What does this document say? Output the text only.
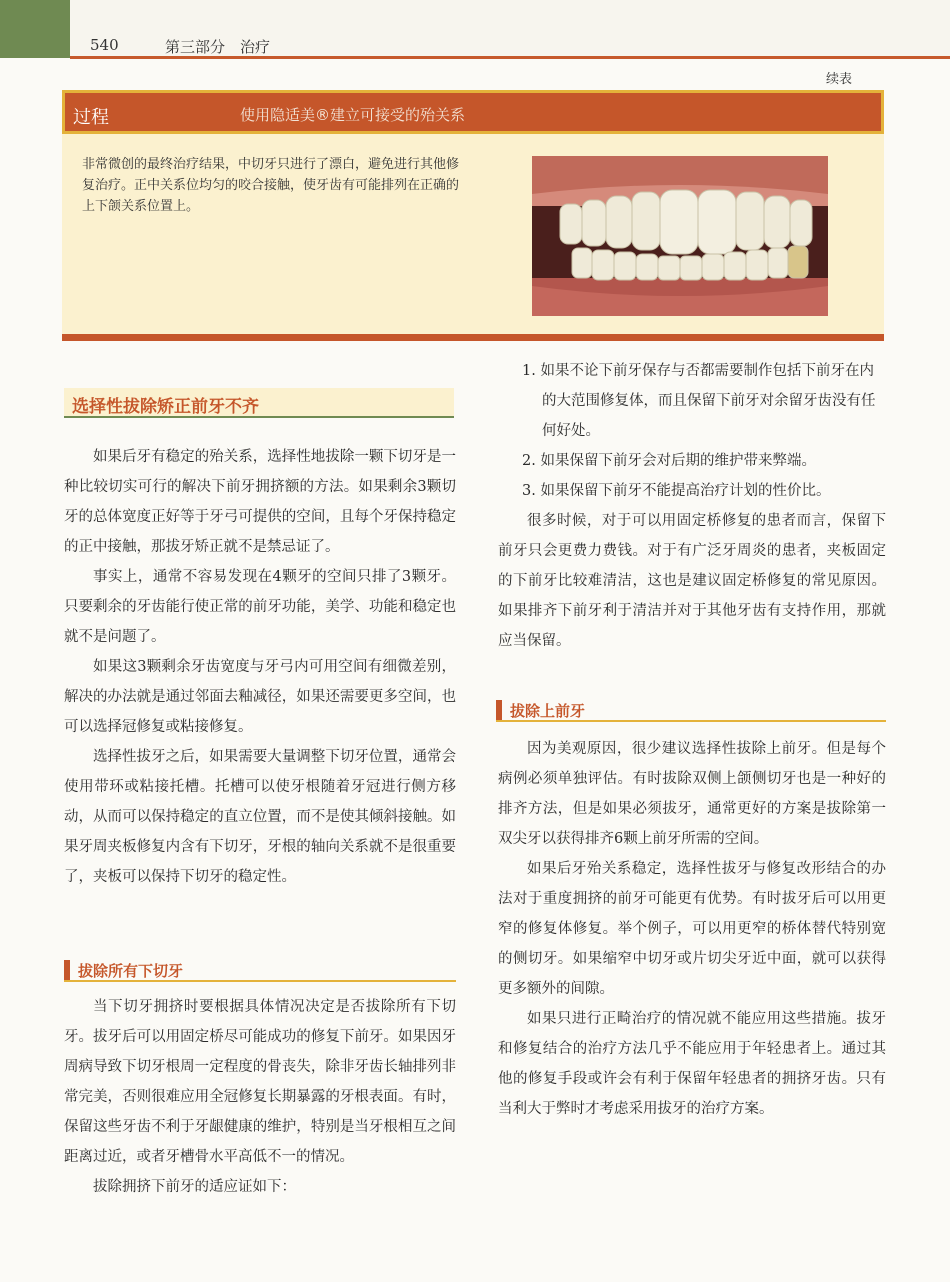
540	第三部分　治疗
续表
过程	使用隐适美®建立可接受的殆关系
非常微创的最终治疗结果，中切牙只进行了漂白，避免进行其他修复治疗。正中关系位均匀的咬合接触，使牙齿有可能排列在正确的上下颌关系位置上。
选择性拔除矫正前牙不齐

如果后牙有稳定的殆关系，选择性地拔除一颗下切牙是一种比较切实可行的解决下前牙拥挤额的方法。如果剩余3颗切牙的总体宽度正好等于牙弓可提供的空间，且每个牙保持稳定的正中接触，那拔牙矫正就不是禁忌证了。

事实上，通常不容易发现在4颗牙的空间只排了3颗牙。只要剩余的牙齿能行使正常的前牙功能，美学、功能和稳定也就不是问题了。

如果这3颗剩余牙齿宽度与牙弓内可用空间有细微差别，解决的办法就是通过邻面去釉减径，如果还需要更多空间，也可以选择冠修复或粘接修复。

选择性拔牙之后，如果需要大量调整下切牙位置，通常会使用带环或粘接托槽。托槽可以使牙根随着牙冠进行侧方移动，从而可以保持稳定的直立位置，而不是使其倾斜接触。如果牙周夹板修复内含有下切牙，牙根的轴向关系就不是很重要了，夹板可以保持下切牙的稳定性。

拔除所有下切牙

当下切牙拥挤时要根据具体情况决定是否拔除所有下切牙。拔牙后可以用固定桥尽可能成功的修复下前牙。如果因牙周病导致下切牙根周一定程度的骨丧失，除非牙齿长轴排列非常完美，否则很难应用全冠修复长期暴露的牙根表面。有时，保留这些牙齿不利于牙龈健康的维护，特别是当牙根相互之间距离过近，或者牙槽骨水平高低不一的情况。

拔除拥挤下前牙的适应证如下：

1. 如果不论下前牙保存与否都需要制作包括下前牙在内的大范围修复体，而且保留下前牙对余留牙齿没有任何好处。
2. 如果保留下前牙会对后期的维护带来弊端。
3. 如果保留下前牙不能提高治疗计划的性价比。

很多时候，对于可以用固定桥修复的患者而言，保留下前牙只会更费力费钱。对于有广泛牙周炎的患者，夹板固定的下前牙比较难清洁，这也是建议固定桥修复的常见原因。如果排齐下前牙利于清洁并对于其他牙齿有支持作用，那就应当保留。

拔除上前牙

因为美观原因，很少建议选择性拔除上前牙。但是每个病例必须单独评估。有时拔除双侧上颌侧切牙也是一种好的排齐方法，但是如果必须拔牙，通常更好的方案是拔除第一双尖牙以获得排齐6颗上前牙所需的空间。

如果后牙殆关系稳定，选择性拔牙与修复改形结合的办法对于重度拥挤的前牙可能更有优势。有时拔牙后可以用更窄的修复体修复。举个例子，可以用更窄的桥体替代特别宽的侧切牙。如果缩窄中切牙或片切尖牙近中面，就可以获得更多额外的间隙。

如果只进行正畸治疗的情况就不能应用这些措施。拔牙和修复结合的治疗方法几乎不能应用于年轻患者上。通过其他的修复手段或许会有利于保留年轻患者的拥挤牙齿。只有当利大于弊时才考虑采用拔牙的治疗方案。
